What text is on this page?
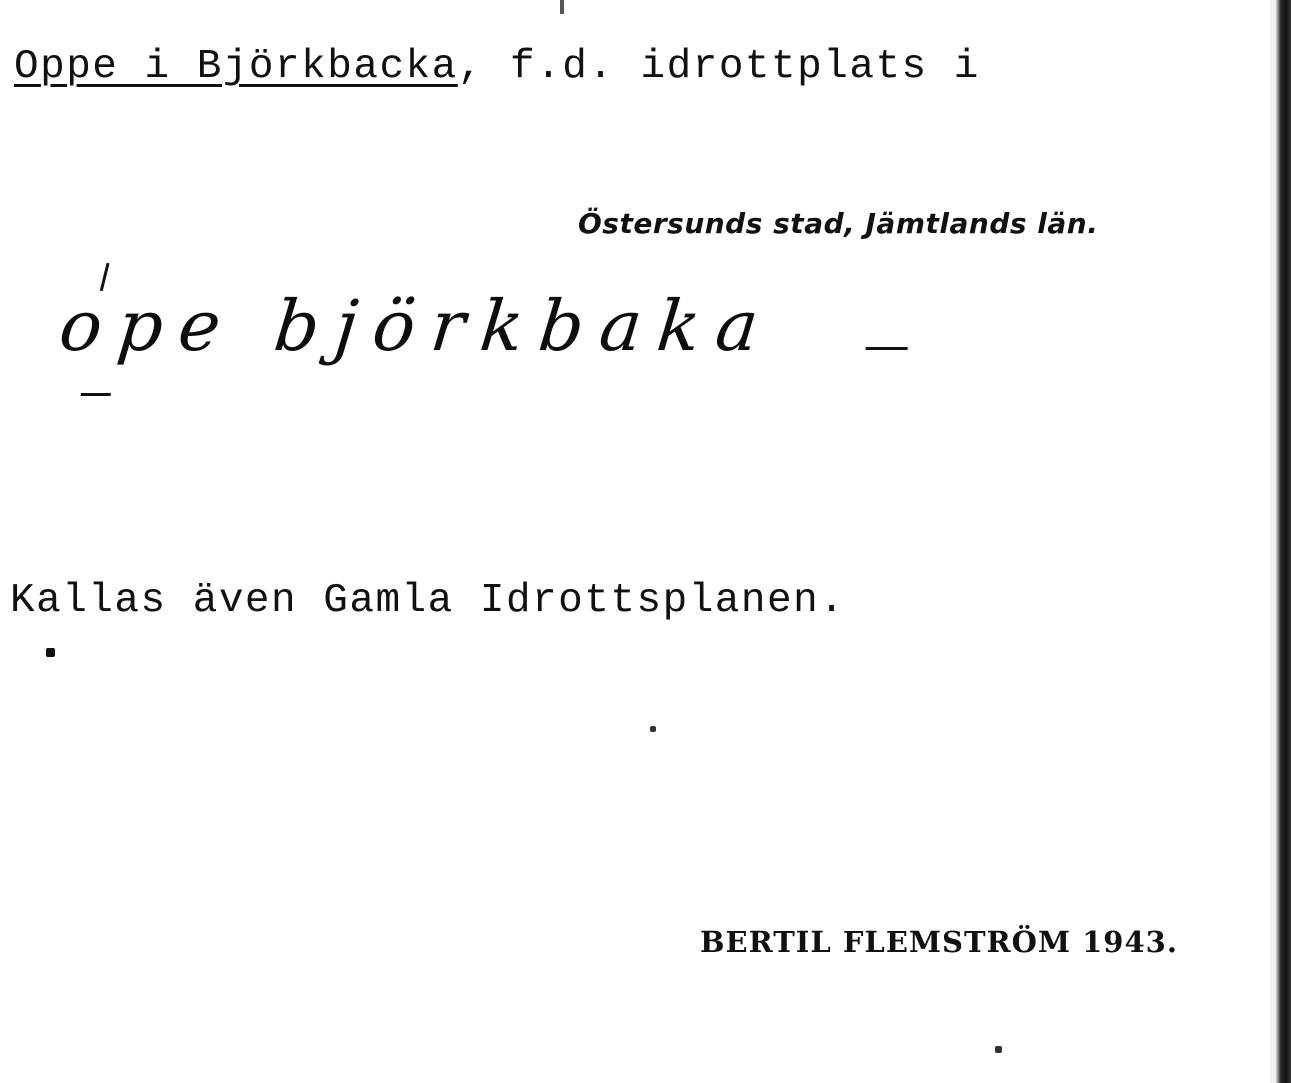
Oppe i Björkbacka, f.d. idrottplats i
Östersunds stad, Jämtlands län.
ope björkbaka
Kallas även Gamla Idrottsplanen.
BERTIL FLEMSTRÖM 1943.
